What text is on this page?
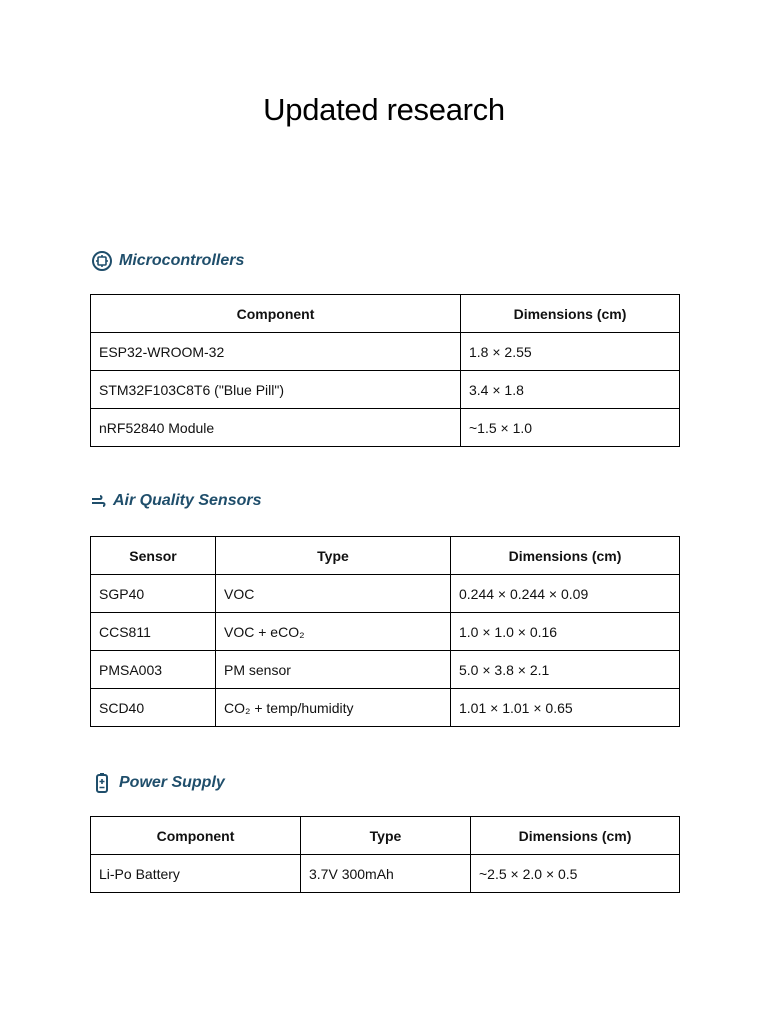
Updated research
Microcontrollers
Component	Dimensions (cm)
ESP32-WROOM-32	1.8 × 2.55
STM32F103C8T6 ("Blue Pill")	3.4 × 1.8
nRF52840 Module	~1.5 × 1.0
Air Quality Sensors
Sensor	Type	Dimensions (cm)
SGP40	VOC	0.244 × 0.244 × 0.09
CCS811	VOC + eCO₂	1.0 × 1.0 × 0.16
PMSA003	PM sensor	5.0 × 3.8 × 2.1
SCD40	CO₂ + temp/humidity	1.01 × 1.01 × 0.65
Power Supply
Component	Type	Dimensions (cm)
Li-Po Battery	3.7V 300mAh	~2.5 × 2.0 × 0.5
